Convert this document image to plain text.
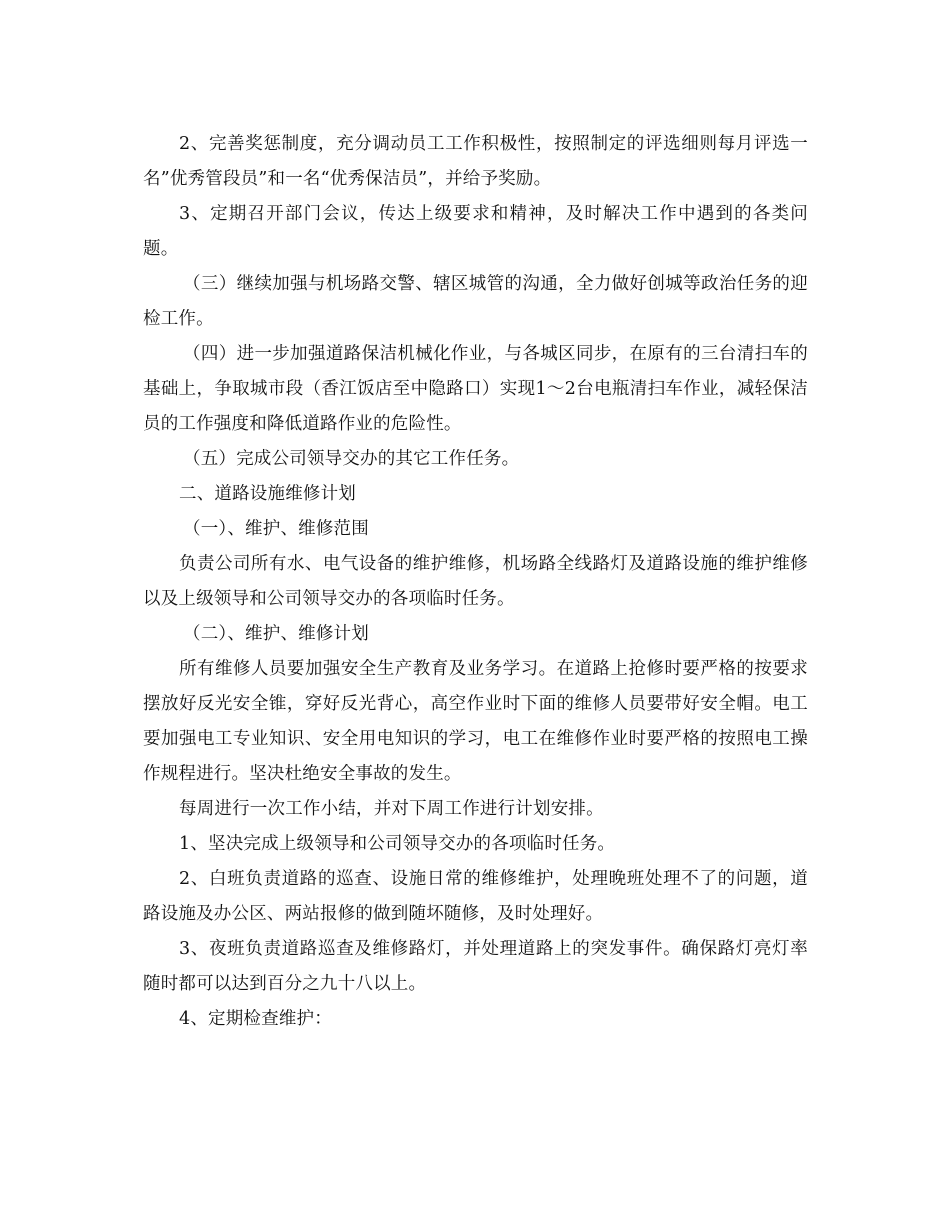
2、完善奖惩制度，充分调动员工工作积极性，按照制定的评选细则每月评选一名”优秀管段员”和一名“优秀保洁员”，并给予奖励。

3、定期召开部门会议，传达上级要求和精神，及时解决工作中遇到的各类问题。

（三）继续加强与机场路交警、辖区城管的沟通，全力做好创城等政治任务的迎检工作。

（四）进一步加强道路保洁机械化作业，与各城区同步，在原有的三台清扫车的基础上，争取城市段（香江饭店至中隐路口）实现1～2台电瓶清扫车作业，减轻保洁员的工作强度和降低道路作业的危险性。

（五）完成公司领导交办的其它工作任务。

二、道路设施维修计划

（一）、维护、维修范围

负责公司所有水、电气设备的维护维修，机场路全线路灯及道路设施的维护维修以及上级领导和公司领导交办的各项临时任务。

（二）、维护、维修计划

所有维修人员要加强安全生产教育及业务学习。在道路上抢修时要严格的按要求摆放好反光安全锥，穿好反光背心，高空作业时下面的维修人员要带好安全帽。电工要加强电工专业知识、安全用电知识的学习，电工在维修作业时要严格的按照电工操作规程进行。坚决杜绝安全事故的发生。

每周进行一次工作小结，并对下周工作进行计划安排。

1、坚决完成上级领导和公司领导交办的各项临时任务。

2、白班负责道路的巡查、设施日常的维修维护，处理晚班处理不了的问题，道路设施及办公区、两站报修的做到随坏随修，及时处理好。

3、夜班负责道路巡查及维修路灯，并处理道路上的突发事件。确保路灯亮灯率随时都可以达到百分之九十八以上。

4、定期检查维护：
